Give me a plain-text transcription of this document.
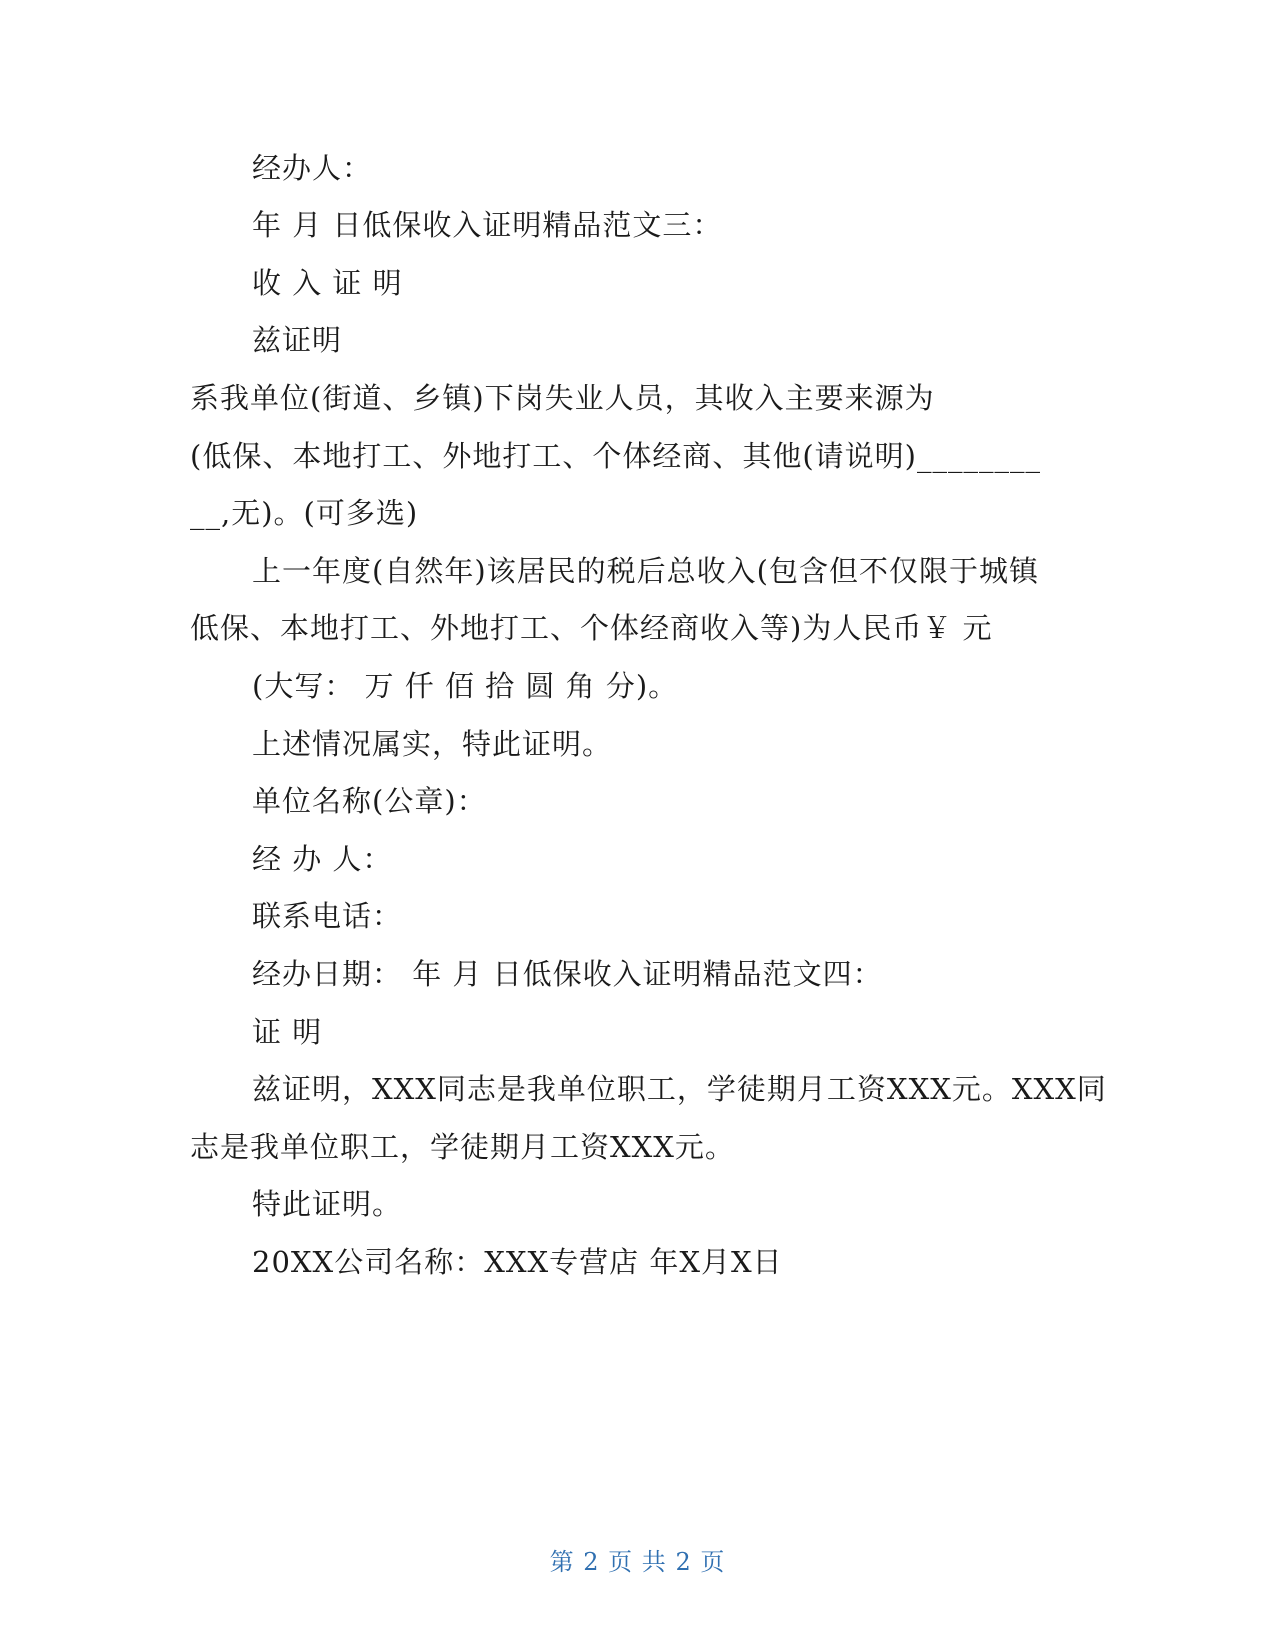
经办人：
年 月 日低保收入证明精品范文三：
收 入 证 明
兹证明
系我单位(街道、乡镇)下岗失业人员，其收入主要来源为
(低保、本地打工、外地打工、个体经商、其他(请说明)________
__,无)。(可多选)
上一年度(自然年)该居民的税后总收入(包含但不仅限于城镇
低保、本地打工、外地打工、个体经商收入等)为人民币￥ 元
(大写： 万 仟 佰 拾 圆 角 分)。
上述情况属实，特此证明。
单位名称(公章)：
经 办 人：
联系电话：
经办日期： 年 月 日低保收入证明精品范文四：
证 明
兹证明，XXX同志是我单位职工，学徒期月工资XXX元。XXX同
志是我单位职工，学徒期月工资XXX元。
特此证明。
20XX公司名称：XXX专营店 年X月X日
第 2 页 共 2 页
